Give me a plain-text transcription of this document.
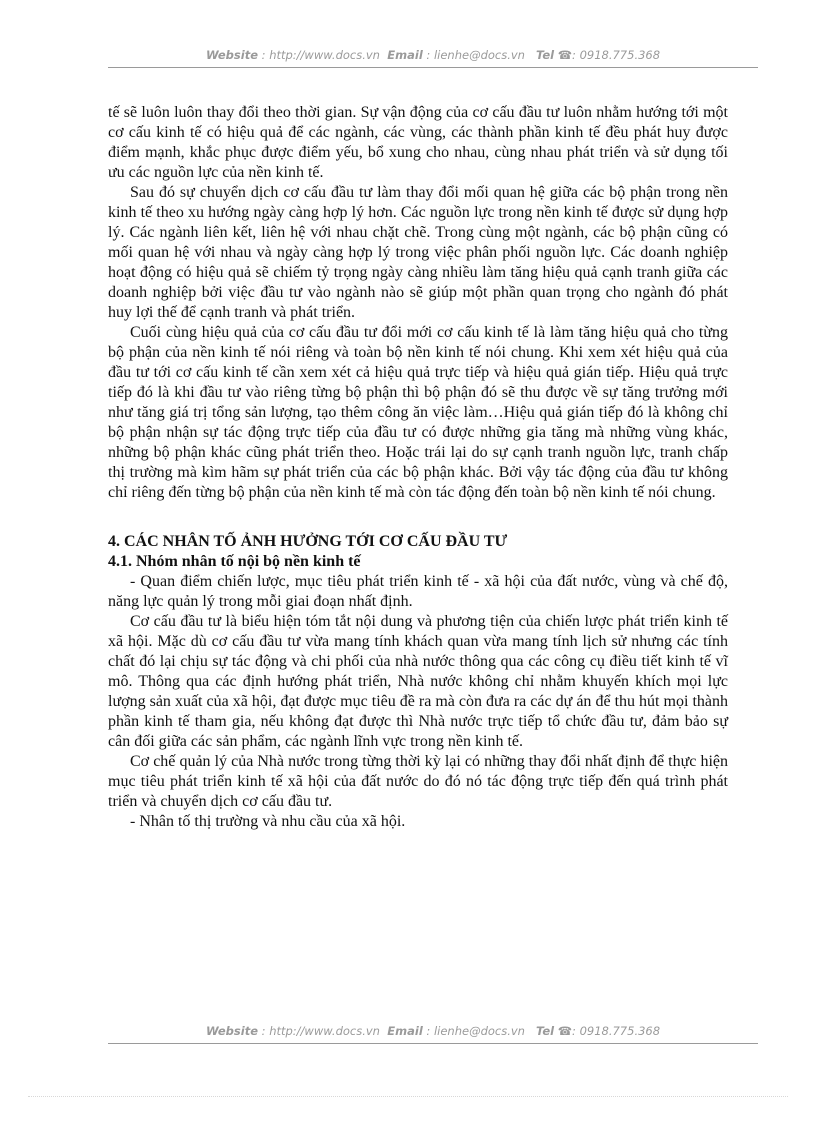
Website : http://www.docs.vn Email : lienhe@docs.vn Tel ☎: 0918.775.368

tế sẽ luôn luôn thay đổi theo thời gian. Sự vận động của cơ cấu đầu tư luôn nhằm hướng tới một cơ cấu kinh tế có hiệu quả để các ngành, các vùng, các thành phần kinh tế đều phát huy được điểm mạnh, khắc phục được điểm yếu, bổ xung cho nhau, cùng nhau phát triển và sử dụng tối ưu các nguồn lực của nền kinh tế.

Sau đó sự chuyển dịch cơ cấu đầu tư làm thay đổi mối quan hệ giữa các bộ phận trong nền kinh tế theo xu hướng ngày càng hợp lý hơn. Các nguồn lực trong nền kinh tế được sử dụng hợp lý. Các ngành liên kết, liên hệ với nhau chặt chẽ. Trong cùng một ngành, các bộ phận cũng có mối quan hệ với nhau và ngày càng hợp lý trong việc phân phối nguồn lực. Các doanh nghiệp hoạt động có hiệu quả sẽ chiếm tỷ trọng ngày càng nhiều làm tăng hiệu quả cạnh tranh giữa các doanh nghiệp bởi việc đầu tư vào ngành nào sẽ giúp một phần quan trọng cho ngành đó phát huy lợi thế để cạnh tranh và phát triển.

Cuối cùng hiệu quả của cơ cấu đầu tư đổi mới cơ cấu kinh tế là làm tăng hiệu quả cho từng bộ phận của nền kinh tế nói riêng và toàn bộ nền kinh tế nói chung. Khi xem xét hiệu quả của đầu tư tới cơ cấu kinh tế cần xem xét cả hiệu quả trực tiếp và hiệu quả gián tiếp. Hiệu quả trực tiếp đó là khi đầu tư vào riêng từng bộ phận thì bộ phận đó sẽ thu được về sự tăng trưởng mới như tăng giá trị tổng sản lượng, tạo thêm công ăn việc làm…Hiệu quả gián tiếp đó là không chỉ bộ phận nhận sự tác động trực tiếp của đầu tư có được những gia tăng mà những vùng khác, những bộ phận khác cũng phát triển theo. Hoặc trái lại do sự cạnh tranh nguồn lực, tranh chấp thị trường mà kìm hãm sự phát triển của các bộ phận khác. Bởi vậy tác động của đầu tư không chỉ riêng đến từng bộ phận của nền kinh tế mà còn tác động đến toàn bộ nền kinh tế nói chung.

4. CÁC NHÂN TỐ ẢNH HƯỞNG TỚI CƠ CẤU ĐẦU TƯ
4.1. Nhóm nhân tố nội bộ nền kinh tế

- Quan điểm chiến lược, mục tiêu phát triển kinh tế - xã hội của đất nước, vùng và chế độ, năng lực quản lý trong mỗi giai đoạn nhất định.

Cơ cấu đầu tư là biểu hiện tóm tắt nội dung và phương tiện của chiến lược phát triển kinh tế xã hội. Mặc dù cơ cấu đầu tư vừa mang tính khách quan vừa mang tính lịch sử nhưng các tính chất đó lại chịu sự tác động và chi phối của nhà nước thông qua các công cụ điều tiết kinh tế vĩ mô. Thông qua các định hướng phát triển, Nhà nước không chỉ nhằm khuyến khích mọi lực lượng sản xuất của xã hội, đạt được mục tiêu đề ra mà còn đưa ra các dự án để thu hút mọi thành phần kinh tế tham gia, nếu không đạt được thì Nhà nước trực tiếp tổ chức đầu tư, đảm bảo sự cân đối giữa các sản phẩm, các ngành lĩnh vực trong nền kinh tế.

Cơ chế quản lý của Nhà nước trong từng thời kỳ lại có những thay đổi nhất định để thực hiện mục tiêu phát triển kinh tế xã hội của đất nước do đó nó tác động trực tiếp đến quá trình phát triển và chuyển dịch cơ cấu đầu tư.

- Nhân tố thị trường và nhu cầu của xã hội.

Website : http://www.docs.vn Email : lienhe@docs.vn Tel ☎: 0918.775.368
